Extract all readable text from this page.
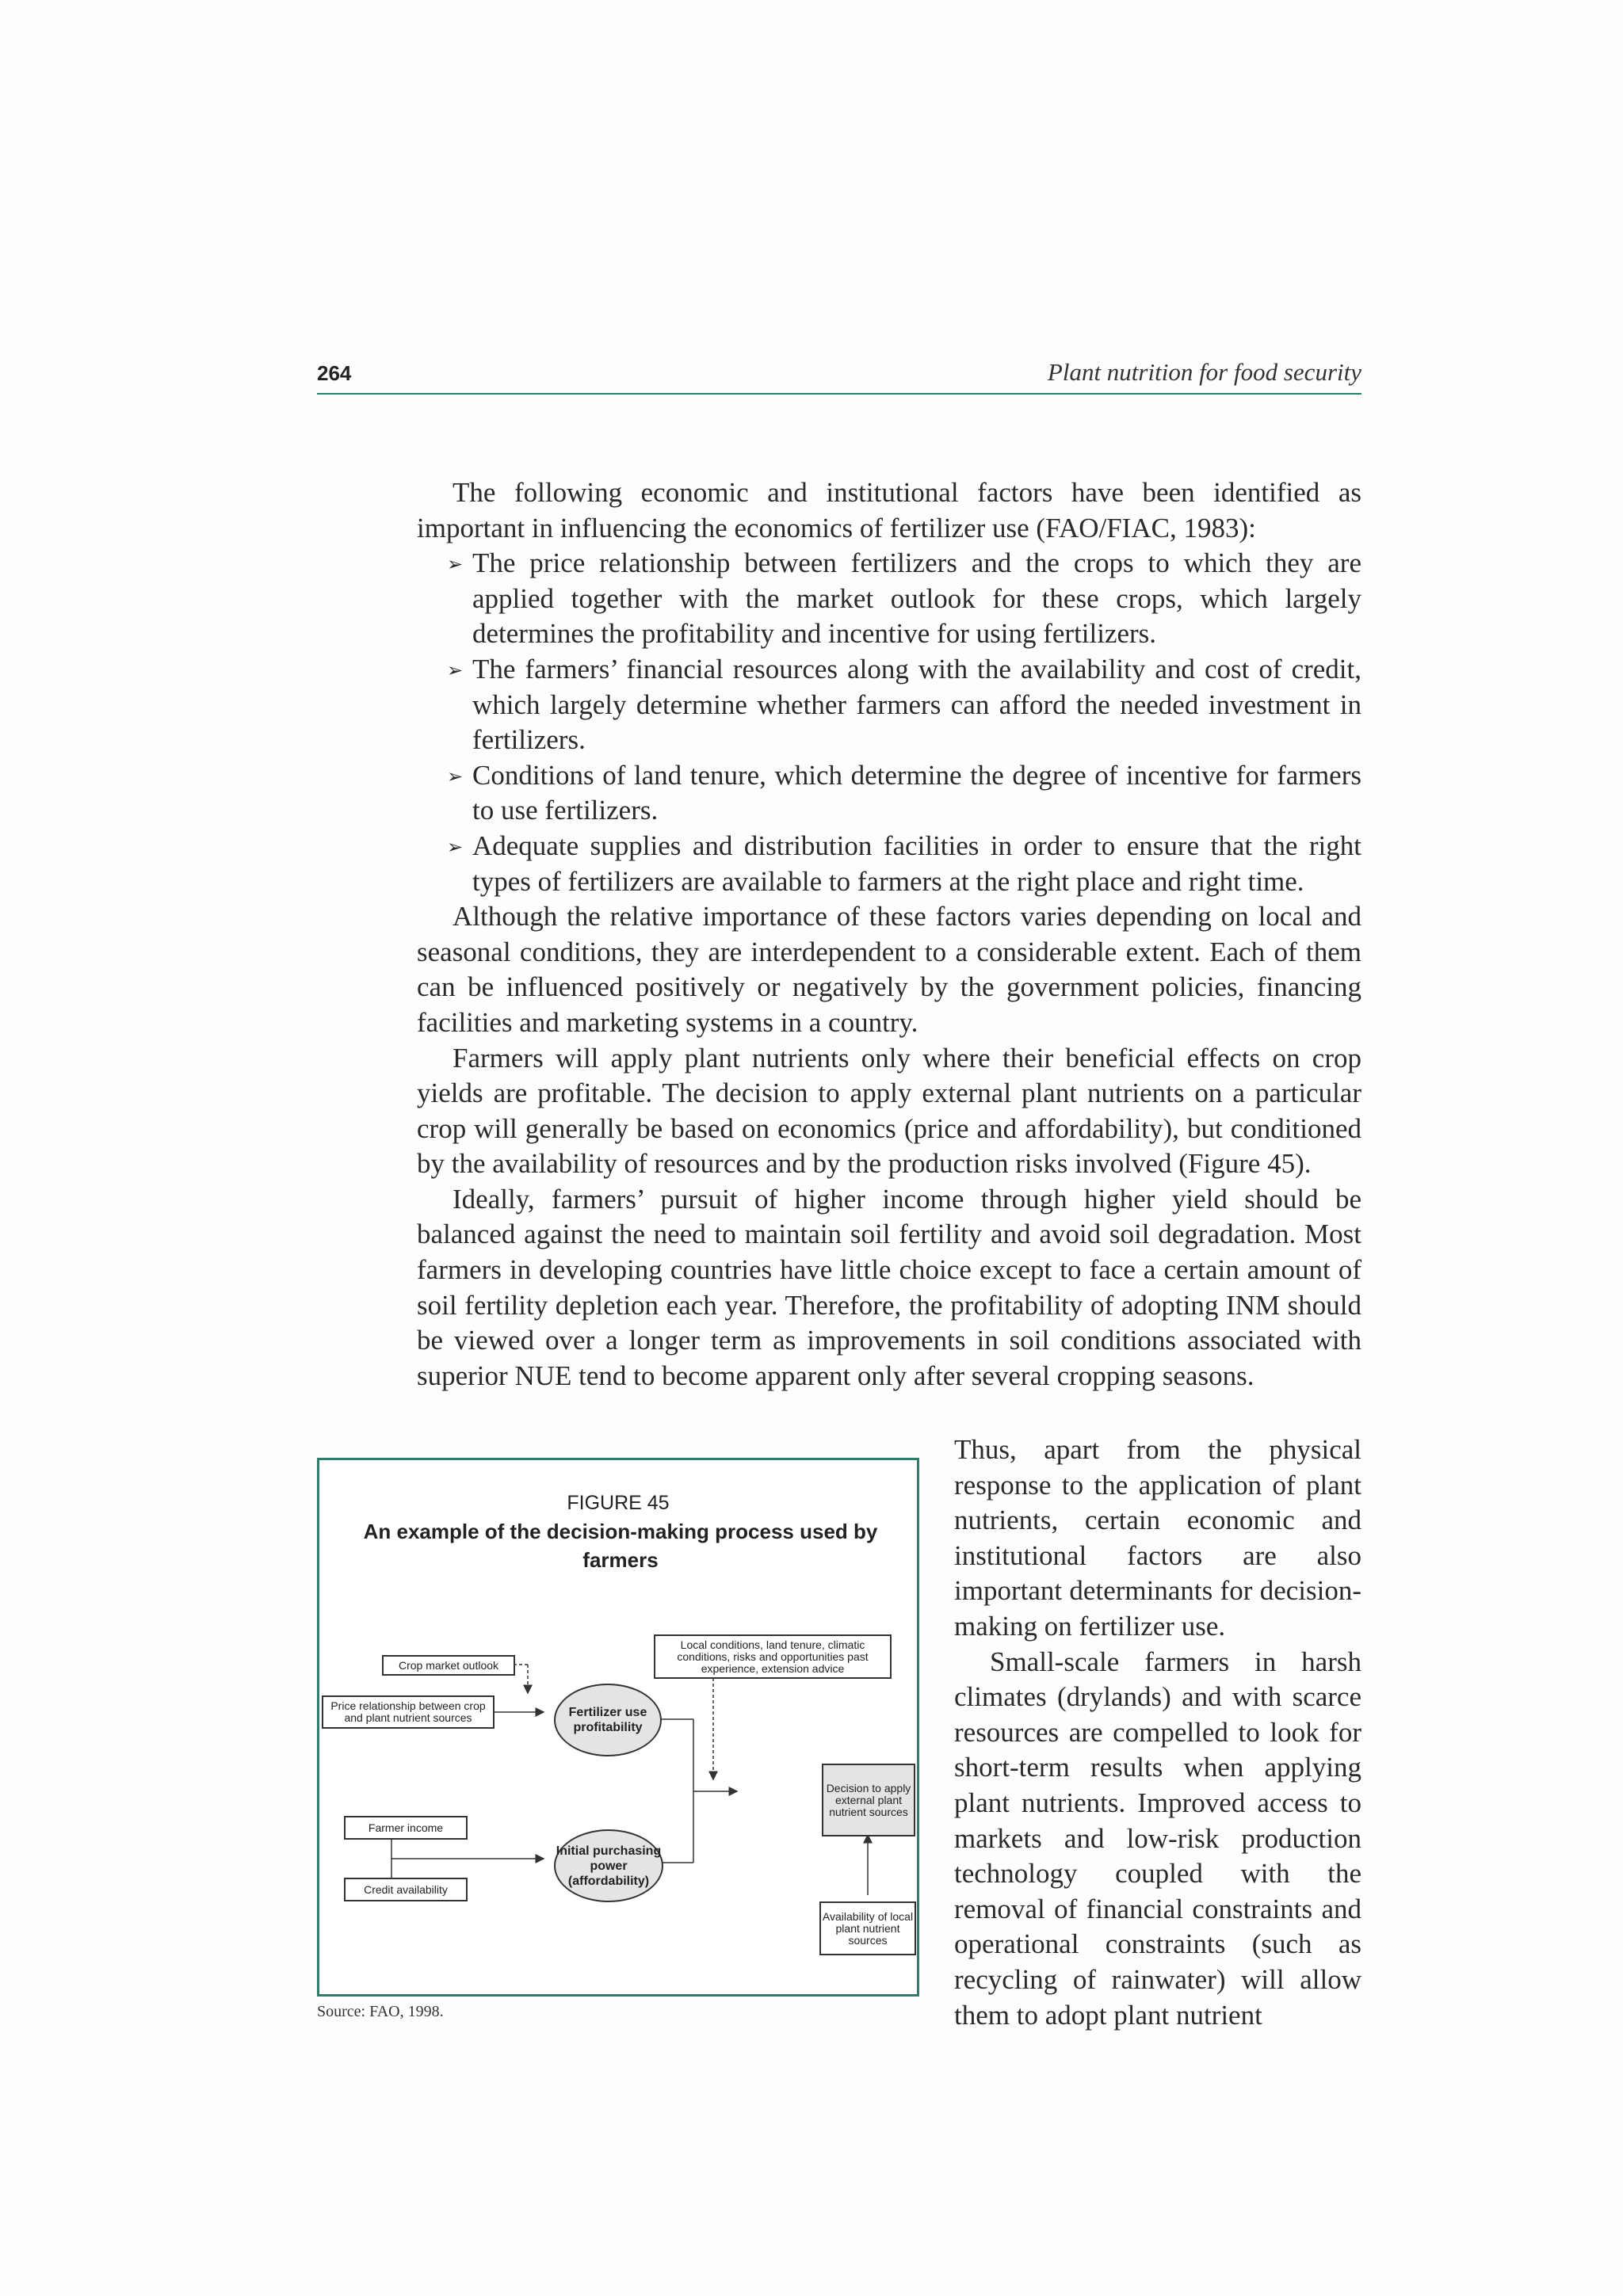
264	Plant nutrition for food security

The following economic and institutional factors have been identified as important in influencing the economics of fertilizer use (FAO/FIAC, 1983):

➢ The price relationship between fertilizers and the crops to which they are applied together with the market outlook for these crops, which largely determines the profitability and incentive for using fertilizers.
➢ The farmers’ financial resources along with the availability and cost of credit, which largely determine whether farmers can afford the needed investment in fertilizers.
➢ Conditions of land tenure, which determine the degree of incentive for farmers to use fertilizers.
➢ Adequate supplies and distribution facilities in order to ensure that the right types of fertilizers are available to farmers at the right place and right time.

Although the relative importance of these factors varies depending on local and seasonal conditions, they are interdependent to a considerable extent. Each of them can be influenced positively or negatively by the government policies, financing facilities and marketing systems in a country.

Farmers will apply plant nutrients only where their beneficial effects on crop yields are profitable. The decision to apply external plant nutrients on a particular crop will generally be based on economics (price and affordability), but conditioned by the availability of resources and by the production risks involved (Figure 45).

Ideally, farmers’ pursuit of higher income through higher yield should be balanced against the need to maintain soil fertility and avoid soil degradation. Most farmers in developing countries have little choice except to face a certain amount of soil fertility depletion each year. Therefore, the profitability of adopting INM should be viewed over a longer term as improvements in soil conditions associated with superior NUE tend to become apparent only after several cropping seasons.

Thus, apart from the physical response to the application of plant nutrients, certain economic and institutional factors are also important determinants for decision-making on fertilizer use.

Small-scale farmers in harsh climates (drylands) and with scarce resources are compelled to look for short-term results when applying plant nutrients. Improved access to markets and low-risk production technology coupled with the removal of financial constraints and operational constraints (such as recycling of rainwater) will allow them to adopt plant nutrient

FIGURE 45
An example of the decision-making process used by farmers
Local conditions, land tenure, climatic conditions, risks and opportunities past experience, extension advice
Crop market outlook
Price relationship between crop and plant nutrient sources	Fertilizer use profitability
Decision to apply external plant nutrient sources
Farmer income
Initial purchasing power (affordability)
Credit availability
Availability of local plant nutrient sources
Source: FAO, 1998.
